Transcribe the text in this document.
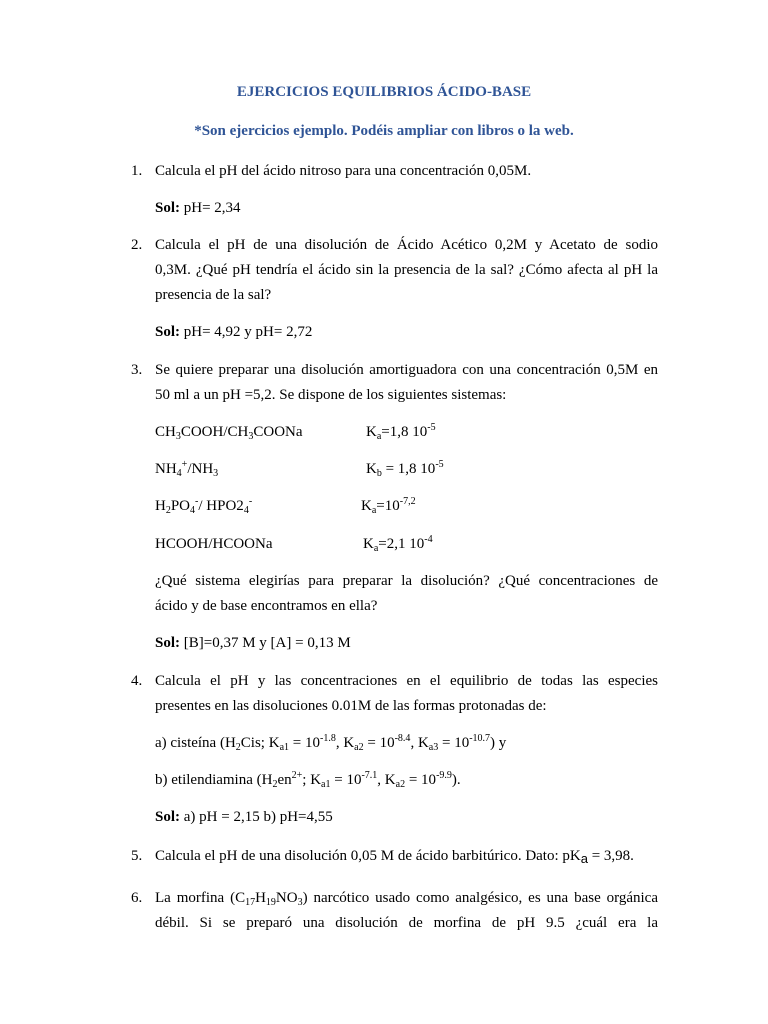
EJERCICIOS EQUILIBRIOS ÁCIDO-BASE
*Son ejercicios ejemplo. Podéis ampliar con libros o la web.
1. Calcula el pH del ácido nitroso para una concentración 0,05M.
Sol: pH= 2,34
2. Calcula el pH de una disolución de Ácido Acético 0,2M y Acetato de sodio
0,3M. ¿Qué pH tendría el ácido sin la presencia de la sal? ¿Cómo afecta al pH la
presencia de la sal?
Sol: pH= 4,92 y pH= 2,72
3. Se quiere preparar una disolución amortiguadora con una concentración 0,5M en
50 ml a un pH =5,2. Se dispone de los siguientes sistemas:
$CH_3COOH/CH_3COONa$	$K_a=1,8$ $10^{-5}$
$NH_4^+/NH_3$	$K_b = 1,8$ $10^{-5}$
$H_2PO_4^-/$ $HPO2_4^-$	$K_a=10^{-7,2}$
HCOOH/HCOONa	$K_a=2,1$ $10^{-4}$
¿Qué sistema elegirías para preparar la disolución? ¿Qué concentraciones de
ácido y de base encontramos en ella?
Sol: [B]=0,37 M y [A] = 0,13 M
4. Calcula el pH y las concentraciones en el equilibrio de todas las especies
presentes en las disoluciones 0.01M de las formas protonadas de:
a) cisteína ($H_2Cis$; $K_{a1} = 10^{-1.8}$, $K_{a2} = 10^{-8.4}$, $K_{a3} = 10^{-10.7}$) y
b) etilendiamina ($H_2en^{2+}$; $K_{a1} = 10^{-7.1}$, $K_{a2} = 10^{-9.9}$).
Sol: a) pH = 2,15 b) pH=4,55
5. Calcula el pH de una disolución 0,05 M de ácido barbitúrico. Dato: pKa = 3,98.
6. La morfina $(C_{17}H_{19}NO_3)$ narcótico usado como analgésico, es una base orgánica
débil. Si se preparó una disolución de morfina de pH 9.5 ¿cuál era la
